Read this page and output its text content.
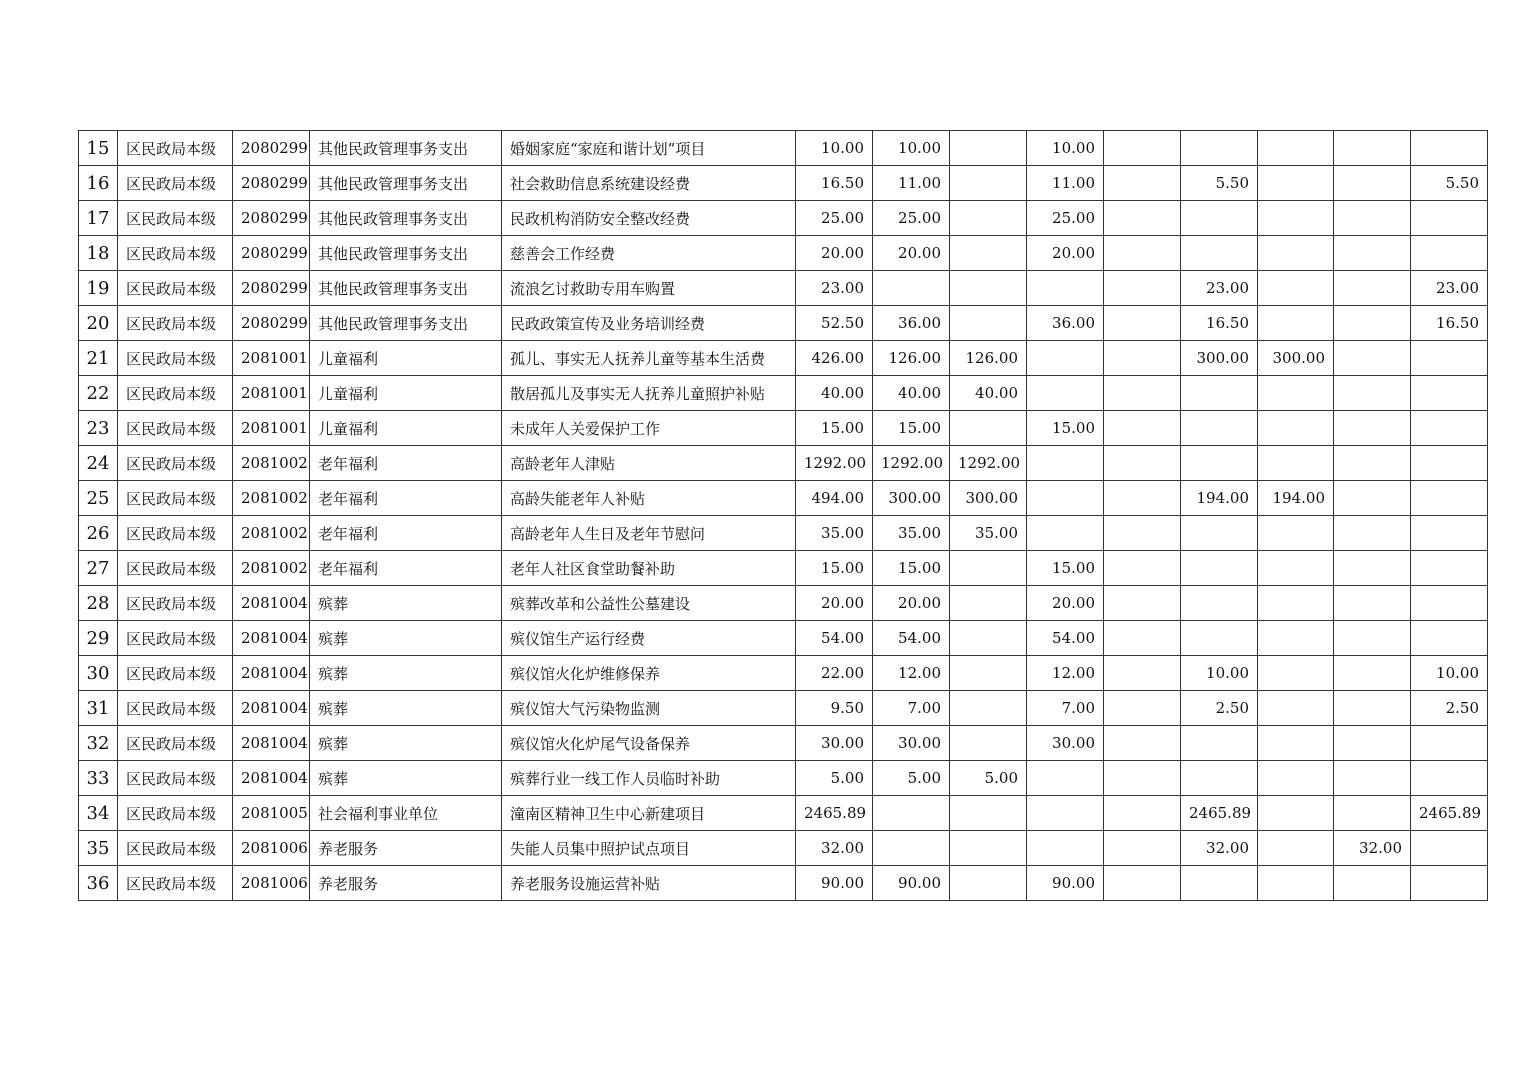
15	区民政局本级	2080299	其他民政管理事务支出	婚姻家庭“家庭和谐计划”项目	10.00	10.00		10.00					
16	区民政局本级	2080299	其他民政管理事务支出	社会救助信息系统建设经费	16.50	11.00		11.00		5.50			5.50
17	区民政局本级	2080299	其他民政管理事务支出	民政机构消防安全整改经费	25.00	25.00		25.00					
18	区民政局本级	2080299	其他民政管理事务支出	慈善会工作经费	20.00	20.00		20.00					
19	区民政局本级	2080299	其他民政管理事务支出	流浪乞讨救助专用车购置	23.00					23.00			23.00
20	区民政局本级	2080299	其他民政管理事务支出	民政政策宣传及业务培训经费	52.50	36.00		36.00		16.50			16.50
21	区民政局本级	2081001	儿童福利	孤儿、事实无人抚养儿童等基本生活费	426.00	126.00	126.00			300.00	300.00		
22	区民政局本级	2081001	儿童福利	散居孤儿及事实无人抚养儿童照护补贴	40.00	40.00	40.00						
23	区民政局本级	2081001	儿童福利	未成年人关爱保护工作	15.00	15.00		15.00					
24	区民政局本级	2081002	老年福利	高龄老年人津贴	1292.00	1292.00	1292.00						
25	区民政局本级	2081002	老年福利	高龄失能老年人补贴	494.00	300.00	300.00			194.00	194.00		
26	区民政局本级	2081002	老年福利	高龄老年人生日及老年节慰问	35.00	35.00	35.00						
27	区民政局本级	2081002	老年福利	老年人社区食堂助餐补助	15.00	15.00		15.00					
28	区民政局本级	2081004	殡葬	殡葬改革和公益性公墓建设	20.00	20.00		20.00					
29	区民政局本级	2081004	殡葬	殡仪馆生产运行经费	54.00	54.00		54.00					
30	区民政局本级	2081004	殡葬	殡仪馆火化炉维修保养	22.00	12.00		12.00		10.00			10.00
31	区民政局本级	2081004	殡葬	殡仪馆大气污染物监测	9.50	7.00		7.00		2.50			2.50
32	区民政局本级	2081004	殡葬	殡仪馆火化炉尾气设备保养	30.00	30.00		30.00					
33	区民政局本级	2081004	殡葬	殡葬行业一线工作人员临时补助	5.00	5.00	5.00						
34	区民政局本级	2081005	社会福利事业单位	潼南区精神卫生中心新建项目	2465.89					2465.89			2465.89
35	区民政局本级	2081006	养老服务	失能人员集中照护试点项目	32.00					32.00		32.00	
36	区民政局本级	2081006	养老服务	养老服务设施运营补贴	90.00	90.00		90.00					
